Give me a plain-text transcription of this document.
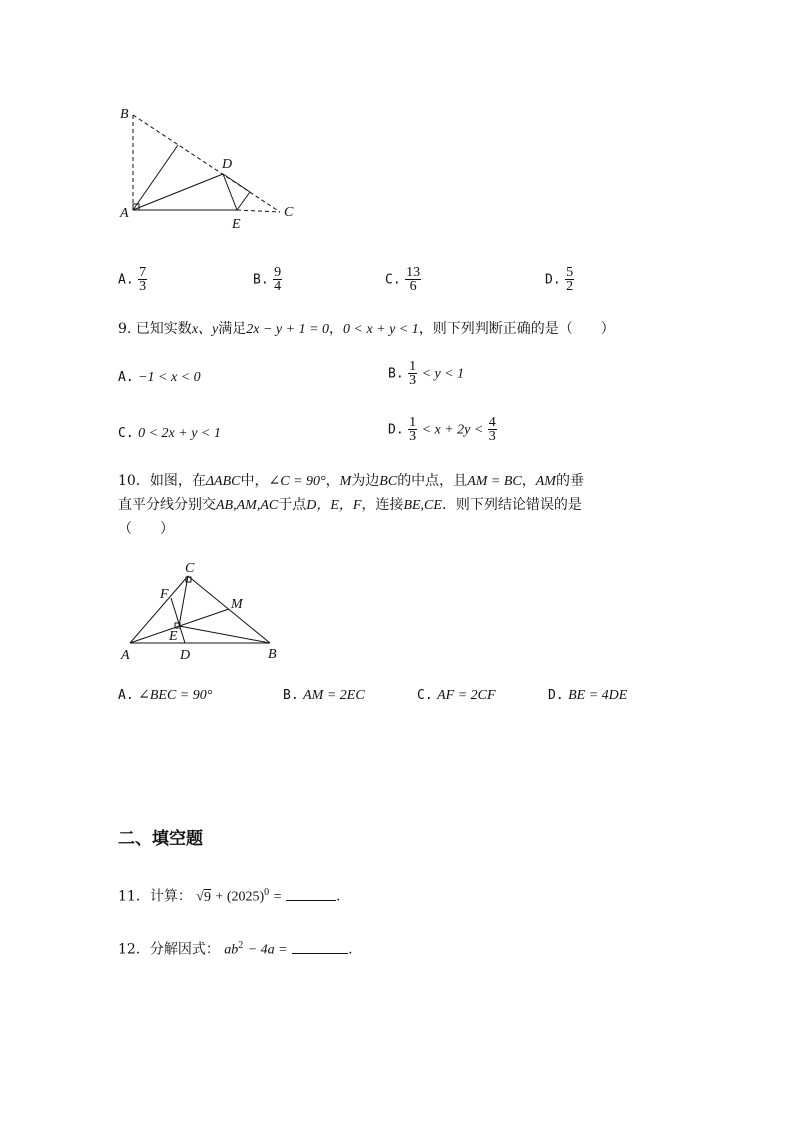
B
A
D
E
C
A. $\frac{7}{3}$	B. $\frac{9}{4}$	C. $\frac{13}{6}$	D. $\frac{5}{2}$
9. 已知实数x、y满足2x − y + 1 = 0，0 < x + y < 1，则下列判断正确的是（　　）
A. −1 < x < 0	B. $\frac{1}{3} < y < 1$
C. 0 < 2x + y < 1	D. $\frac{1}{3} < x + 2y < \frac{4}{3}$
10．如图，在ΔABC中，∠C = 90°，M为边BC的中点，且AM = BC，AM的垂
直平分线分别交AB,AM,AC于点D，E，F，连接BE,CE．则下列结论错误的是
（　　）
C
F
M
E
A	D	B
A. ∠BEC = 90°	B. AM = 2EC	C. AF = 2CF	D. BE = 4DE
二、填空题
11．计算： $√9 + (2025)^0$ =	.
12．分解因式： $ab^2 - 4a$ =	.
